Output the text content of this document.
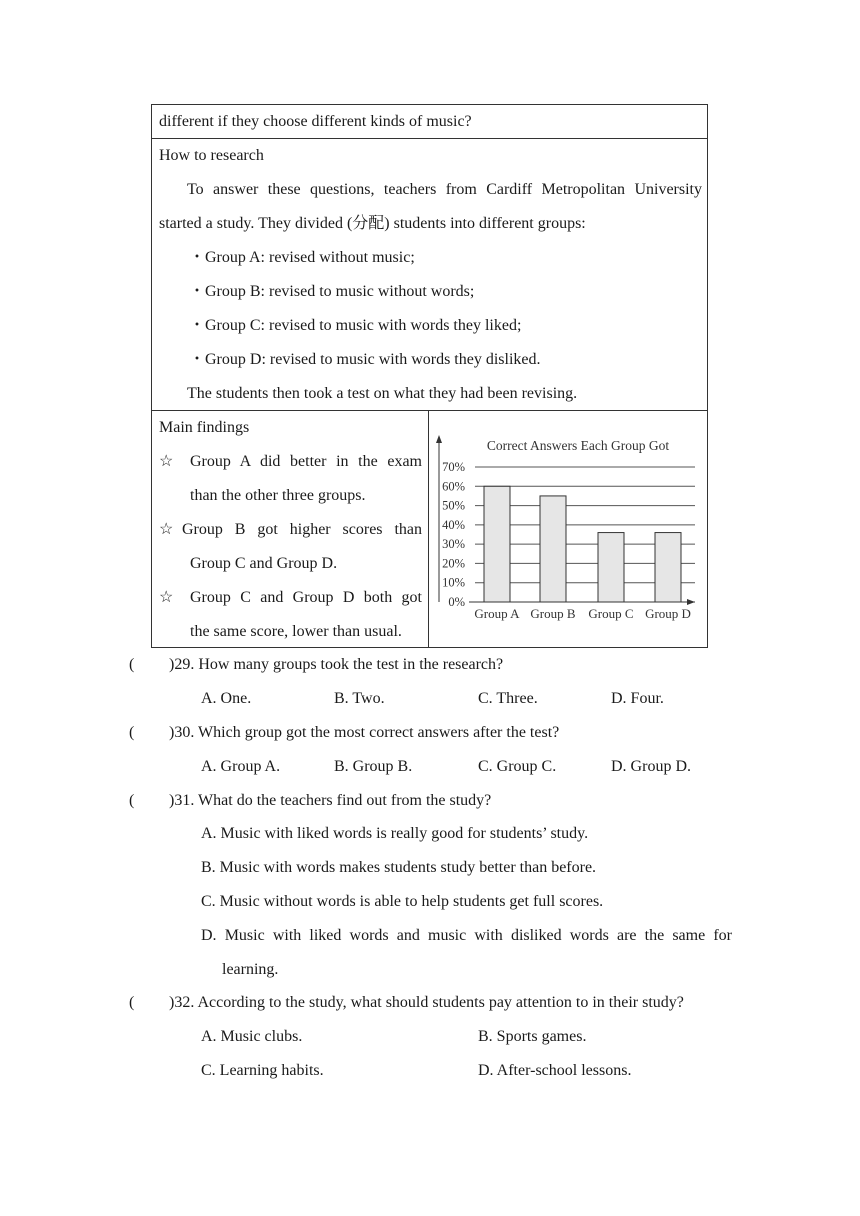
different if they choose different kinds of music?
How to research
To answer these questions, teachers from Cardiff Metropolitan University
started a study. They divided (分配) students into different groups:
・Group A: revised without music;
・Group B: revised to music without words;
・Group C: revised to music with words they liked;
・Group D: revised to music with words they disliked.
The students then took a test on what they had been revising.
Main findings
☆	Group A did better in the exam
than the other three groups.
☆ Group B got higher scores than
Group C and Group D.
☆	Group C and Group D both got
the same score, lower than usual.
Correct Answers Each Group Got
0%
10%
20%
30%
40%
50%
60%
70%
Group A Group B Group C Group D
( )29. How many groups took the test in the research?
A. One.	B. Two.	C. Three.	D. Four.
( )30. Which group got the most correct answers after the test?
A. Group A.	B. Group B.	C. Group C.	D. Group D.
( )31. What do the teachers find out from the study?
A. Music with liked words is really good for students’ study.
B. Music with words makes students study better than before.
C. Music without words is able to help students get full scores.
D. Music with liked words and music with disliked words are the same for
learning.
( )32. According to the study, what should students pay attention to in their study?
A. Music clubs.	B. Sports games.
C. Learning habits.	D. After-school lessons.
